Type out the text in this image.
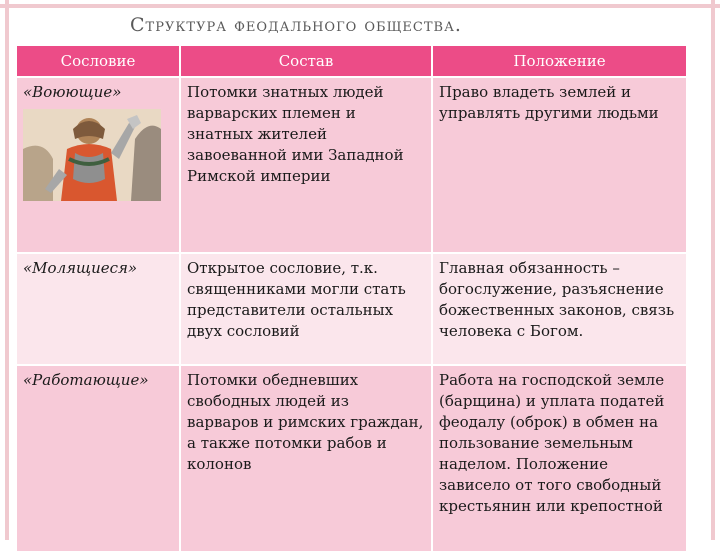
Структура феодального общества.
Сословие	Состав	Положение

«Воюющие»	Потомки знатных людей варварских племен и знатных жителей завоеванной ими Западной Римской империи	Право владеть землей и управлять другими людьми
«Молящиеся»	Открытое сословие, т.к. священниками могли стать представители остальных двух сословий	Главная обязанность – богослужение, разъяснение божественных законов, связь человека с Богом.
«Работающие»	Потомки обедневших свободных людей из варваров и римских граждан, а также потомки рабов и колонов	Работа на господской земле (барщина) и уплата податей феодалу (оброк) в обмен на пользование земельным наделом. Положение зависело от того свободный крестьянин или крепостной
